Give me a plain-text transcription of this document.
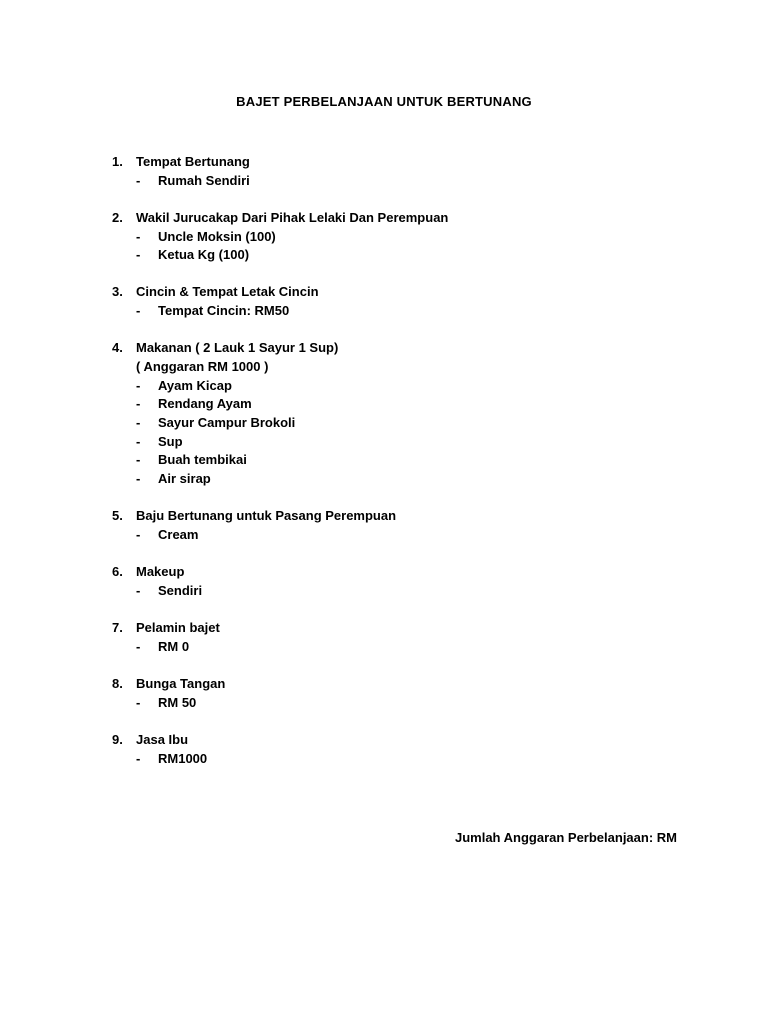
BAJET PERBELANJAAN UNTUK BERTUNANG
1. Tempat Bertunang
- Rumah Sendiri
2. Wakil Jurucakap Dari Pihak Lelaki Dan Perempuan
- Uncle Moksin (100)
- Ketua Kg (100)
3. Cincin & Tempat Letak Cincin
- Tempat Cincin: RM50
4. Makanan ( 2 Lauk 1 Sayur 1 Sup)
( Anggaran RM 1000 )
- Ayam Kicap
- Rendang Ayam
- Sayur Campur Brokoli
- Sup
- Buah tembikai
- Air sirap
5. Baju Bertunang untuk Pasang Perempuan
- Cream
6. Makeup
- Sendiri
7. Pelamin bajet
- RM 0
8. Bunga Tangan
- RM 50
9. Jasa Ibu
- RM1000
Jumlah Anggaran Perbelanjaan: RM
